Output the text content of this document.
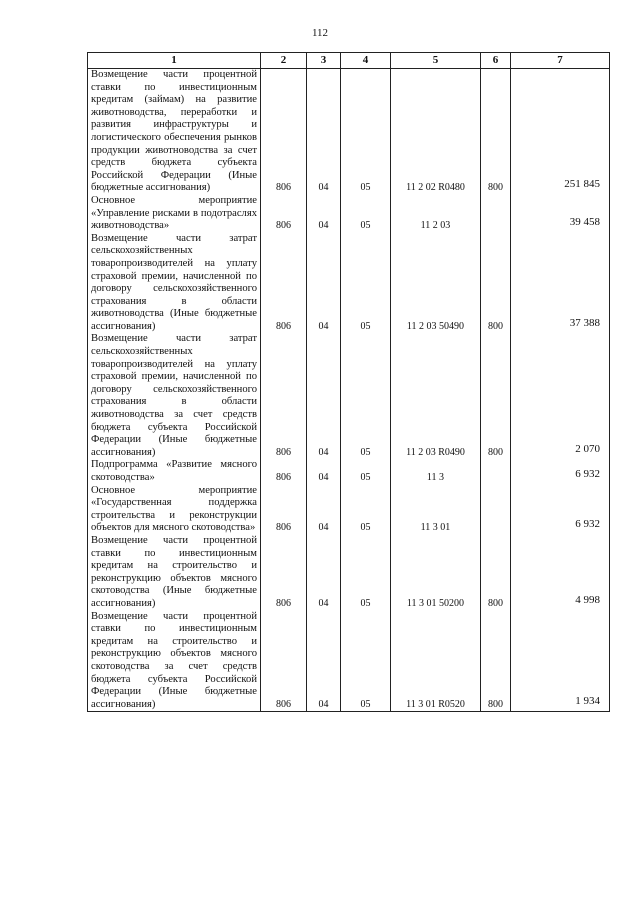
112
1	2	3	4	5	6	7
Возмещение части процентной ставки по инвестиционным кредитам (займам) на развитие животноводства, переработки и развития инфраструктуры и логистического обеспечения рынков продукции животноводства за счет средств бюджета субъекта Российской Федерации (Иные бюджетные ассигнования)	806	04	05	11 2 02 R0480	800	251 845
Основное мероприятие «Управление рисками в подотраслях животноводства»	806	04	05	11 2 03		39 458
Возмещение части затрат сельскохозяйственных товаропроизводителей на уплату страховой премии, начисленной по договору сельскохозяйственного страхования в области животноводства (Иные бюджетные ассигнования)	806	04	05	11 2 03 50490	800	37 388
Возмещение части затрат сельскохозяйственных товаропроизводителей на уплату страховой премии, начисленной по договору сельскохозяйственного страхования в области животноводства за счет средств бюджета субъекта Российской Федерации (Иные бюджетные ассигнования)	806	04	05	11 2 03 R0490	800	2 070
Подпрограмма «Развитие мясного скотоводства»	806	04	05	11 3		6 932
Основное мероприятие «Государственная поддержка строительства и реконструкции объектов для мясного скотоводства»	806	04	05	11 3 01		6 932
Возмещение части процентной ставки по инвестиционным кредитам на строительство и реконструкцию объектов мясного скотоводства (Иные бюджетные ассигнования)	806	04	05	11 3 01 50200	800	4 998
Возмещение части процентной ставки по инвестиционным кредитам на строительство и реконструкцию объектов мясного скотоводства за счет средств бюджета субъекта Российской Федерации (Иные бюджетные ассигнования)	806	04	05	11 3 01 R0520	800	1 934
